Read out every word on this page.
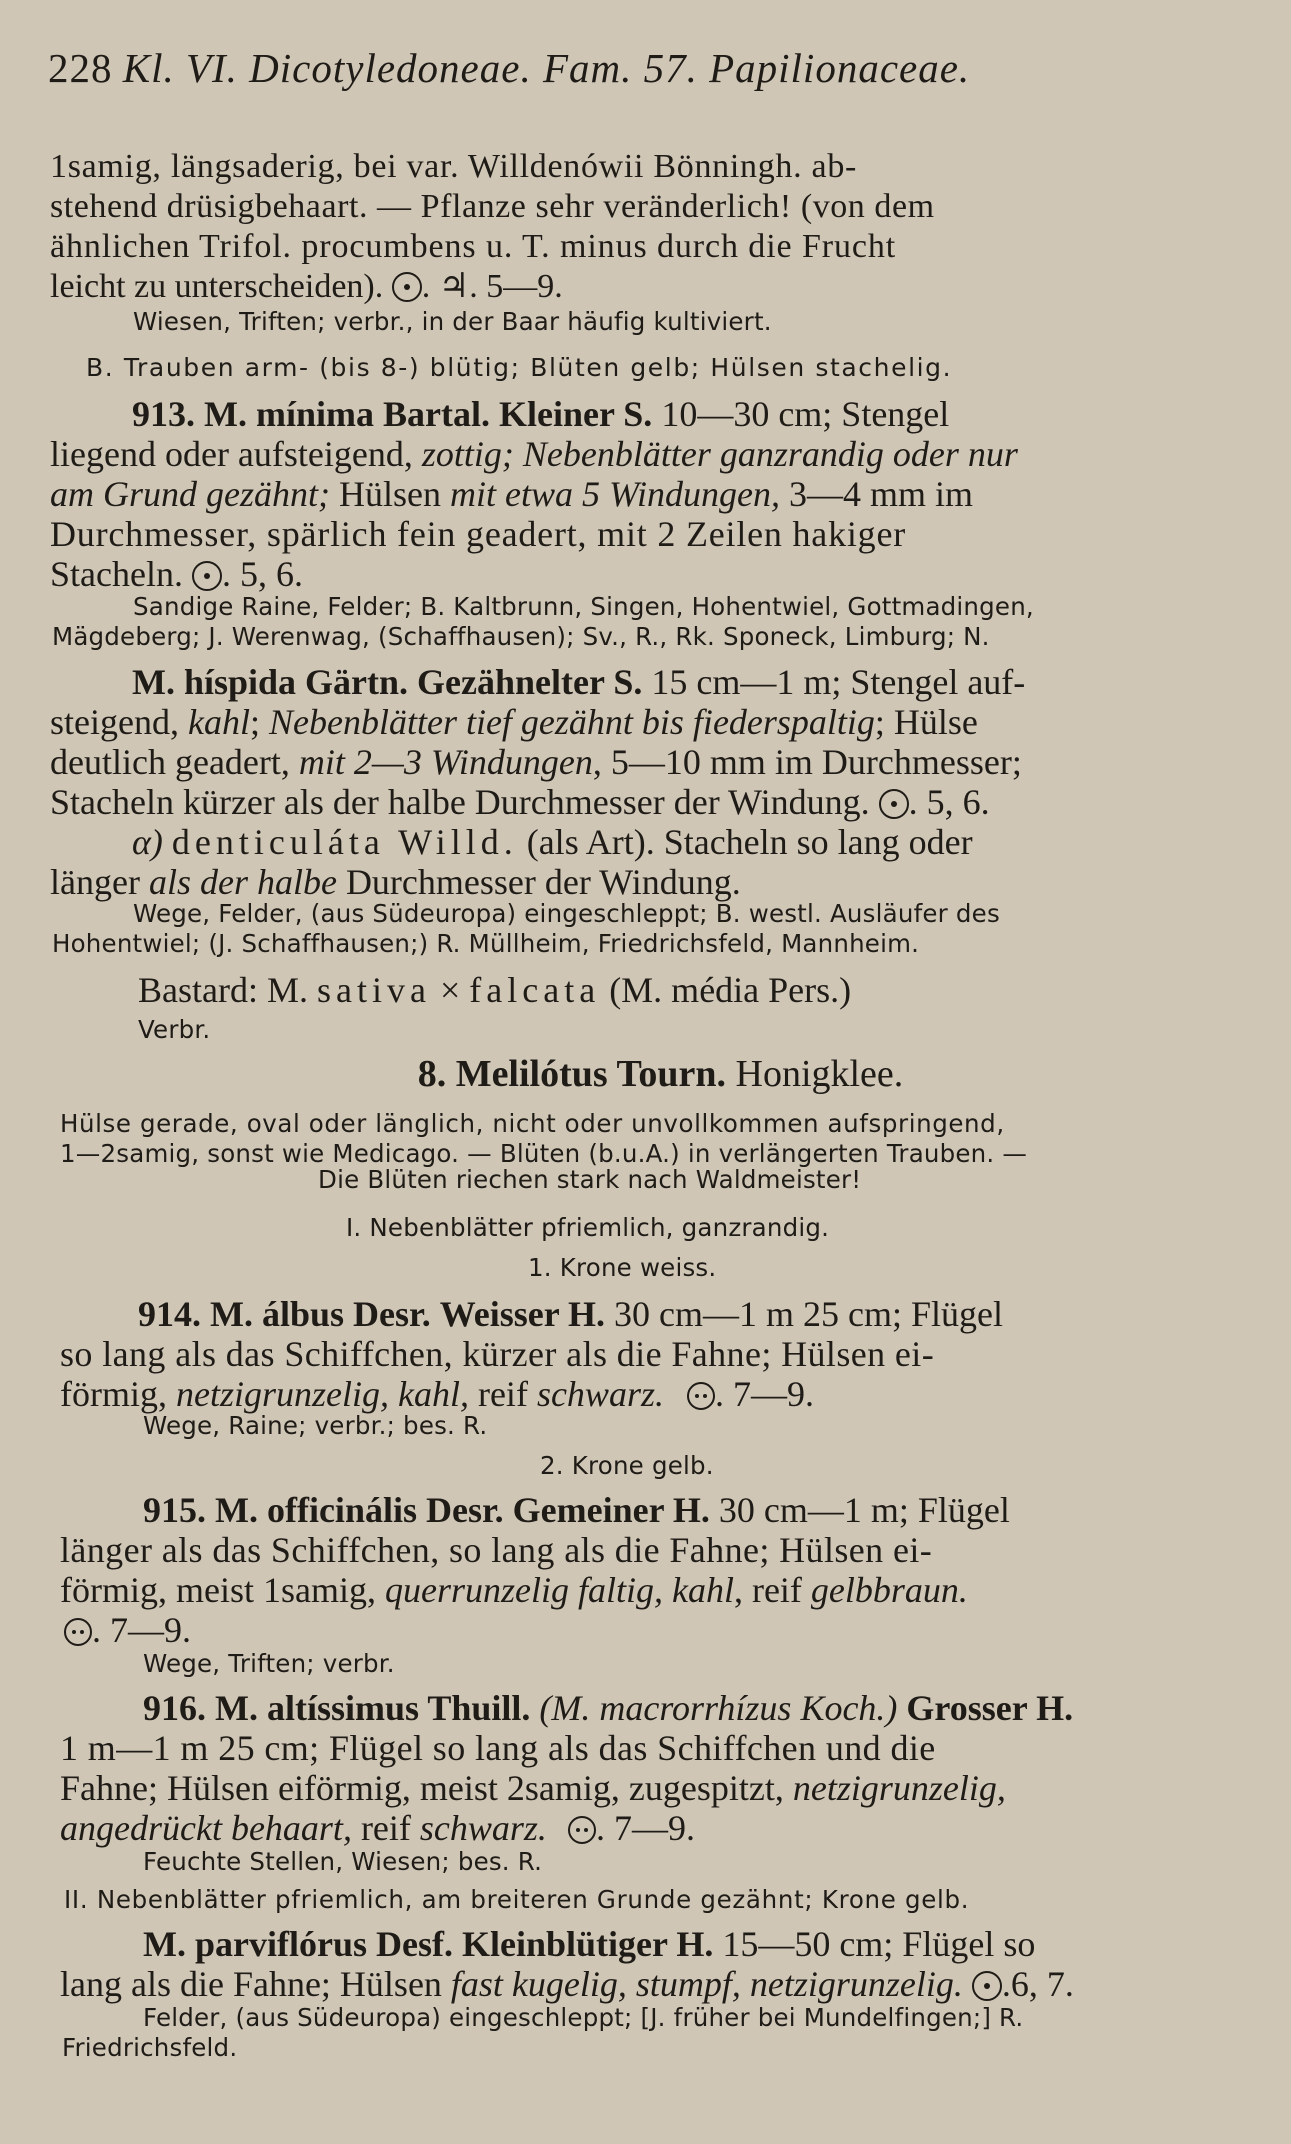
228 Kl. VI. Dicotyledoneae. Fam. 57. Papilionaceae.
1samig, längsaderig, bei var. Willdenówii Bönningh. ab-
stehend drüsigbehaart. — Pflanze sehr veränderlich! (von dem
ähnlichen Trifol. procumbens u. T. minus durch die Frucht
leicht zu unterscheiden). . ♃. 5—9.
Wiesen, Triften; verbr., in der Baar häufig kultiviert.
B. Trauben arm- (bis 8-) blütig; Blüten gelb; Hülsen stachelig.
913. M. mínima Bartal. Kleiner S. 10—30 cm; Stengel
liegend oder aufsteigend, zottig; Nebenblätter ganzrandig oder nur
am Grund gezähnt; Hülsen mit etwa 5 Windungen, 3—4 mm im
Durchmesser, spärlich fein geadert, mit 2 Zeilen hakiger
Stacheln. . 5, 6.
Sandige Raine, Felder; B. Kaltbrunn, Singen, Hohentwiel, Gottmadingen,
Mägdeberg; J. Werenwag, (Schaffhausen); Sv., R., Rk. Sponeck, Limburg; N.
M. híspida Gärtn. Gezähnelter S. 15 cm—1 m; Stengel auf-
steigend, kahl; Nebenblätter tief gezähnt bis fiederspaltig; Hülse
deutlich geadert, mit 2—3 Windungen, 5—10 mm im Durchmesser;
Stacheln kürzer als der halbe Durchmesser der Windung. . 5, 6.
α) denticuláta Willd. (als Art). Stacheln so lang oder
länger als der halbe Durchmesser der Windung.
Wege, Felder, (aus Südeuropa) eingeschleppt; B. westl. Ausläufer des
Hohentwiel; (J. Schaffhausen;) R. Müllheim, Friedrichsfeld, Mannheim.
Bastard: M. sativa × falcata (M. média Pers.)
Verbr.
8. Melilótus Tourn. Honigklee.
Hülse gerade, oval oder länglich, nicht oder unvollkommen aufspringend,
1—2samig, sonst wie Medicago. — Blüten (b.u.A.) in verlängerten Trauben. —
Die Blüten riechen stark nach Waldmeister!
I. Nebenblätter pfriemlich, ganzrandig.
1. Krone weiss.
914. M. álbus Desr. Weisser H. 30 cm—1 m 25 cm; Flügel
so lang als das Schiffchen, kürzer als die Fahne; Hülsen ei-
förmig, netzigrunzelig, kahl, reif schwarz. . 7—9.
Wege, Raine; verbr.; bes. R.
2. Krone gelb.
915. M. officinális Desr. Gemeiner H. 30 cm—1 m; Flügel
länger als das Schiffchen, so lang als die Fahne; Hülsen ei-
förmig, meist 1samig, querrunzelig faltig, kahl, reif gelbbraun.
. 7—9.
Wege, Triften; verbr.
916. M. altíssimus Thuill. (M. macrorrhízus Koch.) Grosser H.
1 m—1 m 25 cm; Flügel so lang als das Schiffchen und die
Fahne; Hülsen eiförmig, meist 2samig, zugespitzt, netzigrunzelig,
angedrückt behaart, reif schwarz. . 7—9.
Feuchte Stellen, Wiesen; bes. R.
II. Nebenblätter pfriemlich, am breiteren Grunde gezähnt; Krone gelb.
M. parviflórus Desf. Kleinblütiger H. 15—50 cm; Flügel so
lang als die Fahne; Hülsen fast kugelig, stumpf, netzigrunzelig. .6, 7.
Felder, (aus Südeuropa) eingeschleppt; [J. früher bei Mundelfingen;] R.
Friedrichsfeld.
